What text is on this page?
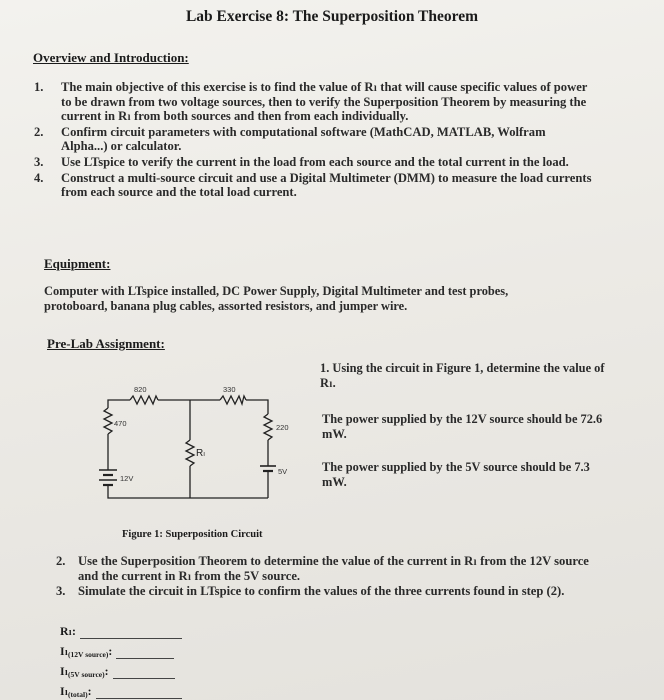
Lab Exercise 8: The Superposition Theorem
Overview and Introduction:
1. The main objective of this exercise is to find the value of Rₗ that will cause specific values of power to be drawn from two voltage sources, then to verify the Superposition Theorem by measuring the current in Rₗ from both sources and then from each individually.
2. Confirm circuit parameters with computational software (MathCAD, MATLAB, Wolfram Alpha...) or calculator.
3. Use LTspice to verify the current in the load from each source and the total current in the load.
4. Construct a multi-source circuit and use a Digital Multimeter (DMM) to measure the load currents from each source and the total load current.
Equipment:
Computer with LTspice installed, DC Power Supply, Digital Multimeter and test probes, protoboard, banana plug cables, assorted resistors, and jumper wire.
Pre-Lab Assignment:
820	330
470	220
Rₗ
12V
5V
Figure 1: Superposition Circuit
1. Using the circuit in Figure 1, determine the value of Rₗ.
The power supplied by the 12V source should be 72.6 mW.
The power supplied by the 5V source should be 7.3 mW.
2. Use the Superposition Theorem to determine the value of the current in Rₗ from the 12V source and the current in Rₗ from the 5V source.
3. Simulate the circuit in LTspice to confirm the values of the three currents found in step (2).
Rₗ:
Iₗ$_{(12V source)}$ :
Iₗ$_{(5V source)}$ :
Iₗ$_{(total)}$ :
